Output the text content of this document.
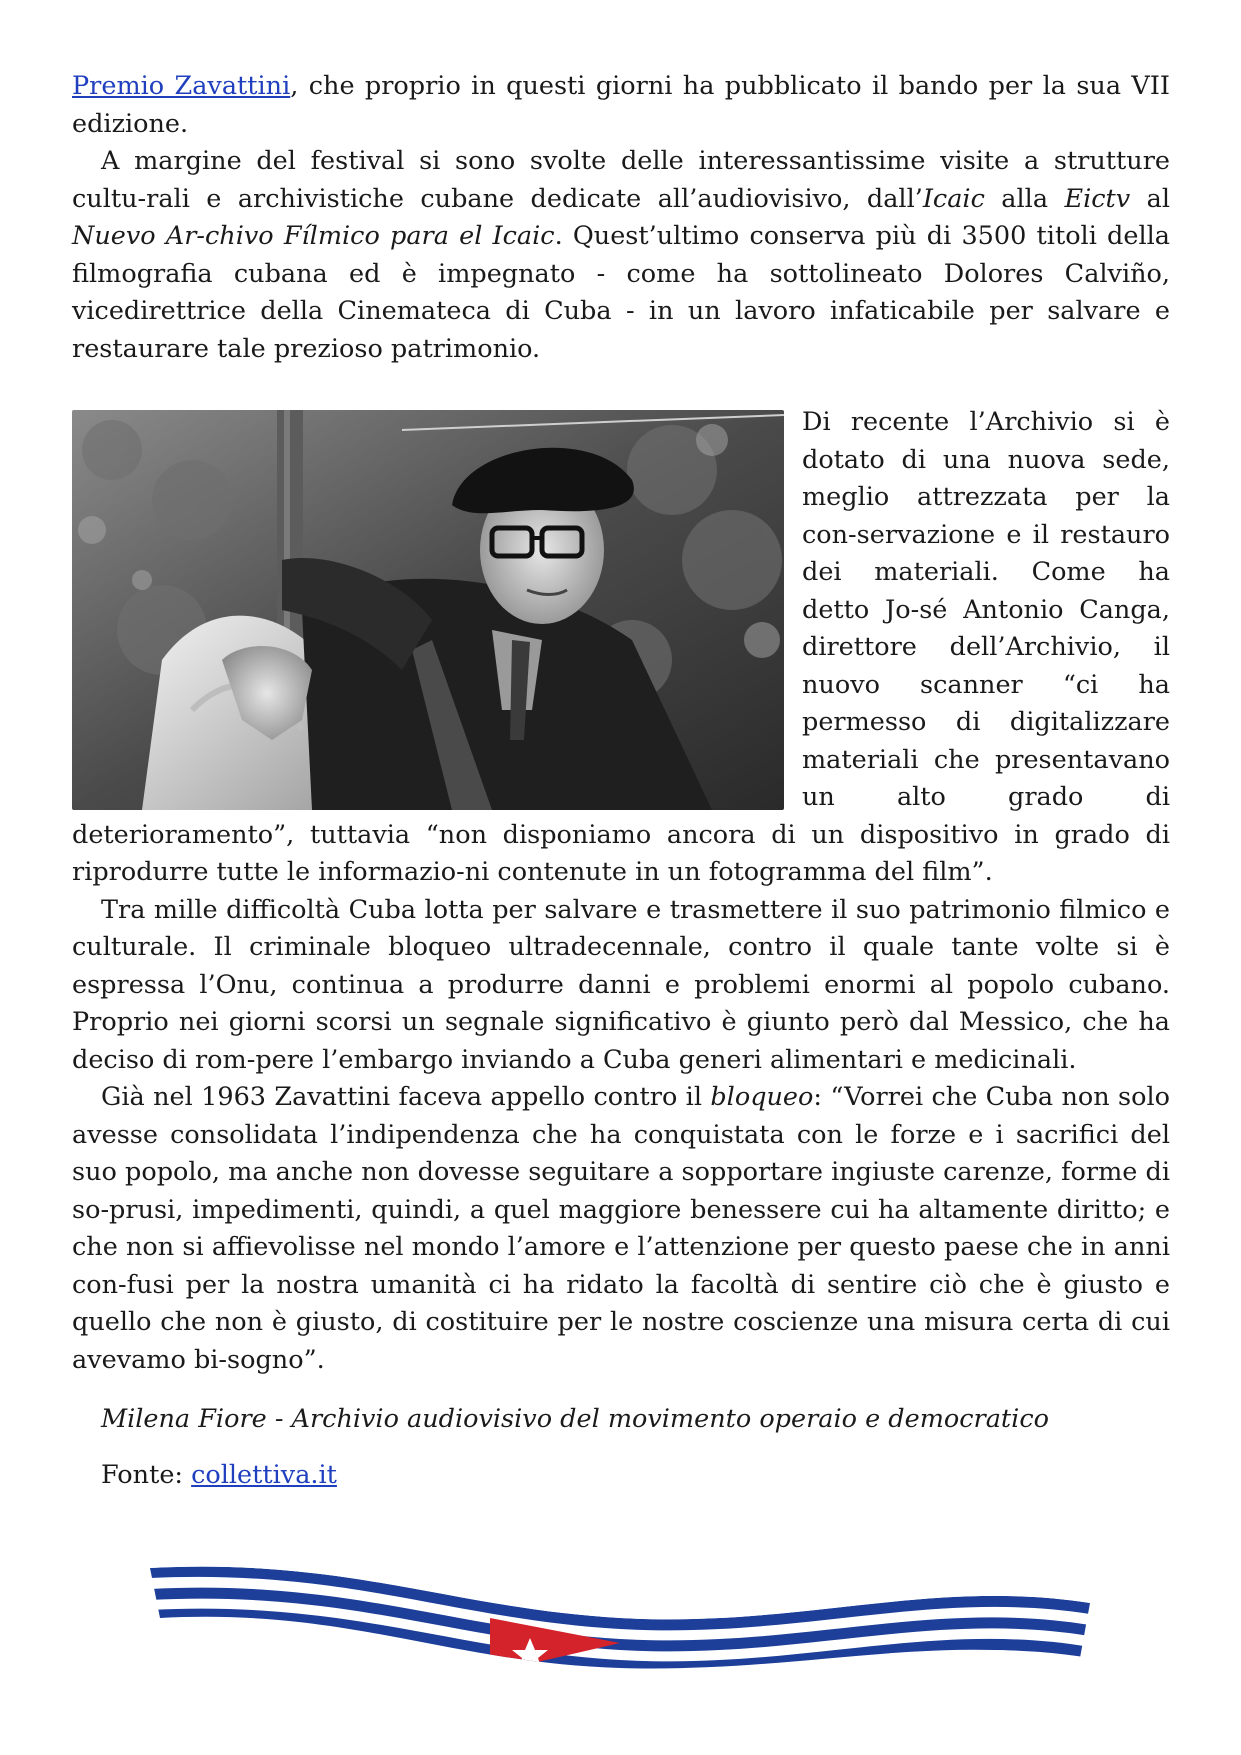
Premio Zavattini, che proprio in questi giorni ha pubblicato il bando per la sua VII edizione.

A margine del festival si sono svolte delle interessantissime visite a strutture cultu-rali e archivistiche cubane dedicate all’audiovisivo, dall’Icaic alla Eictv al Nuevo Ar-chivo Fílmico para el Icaic. Quest’ultimo conserva più di 3500 titoli della filmografia cubana ed è impegnato - come ha sottolineato Dolores Calviño, vicedirettrice della Cinemateca di Cuba - in un lavoro infaticabile per salvare e restaurare tale prezioso patrimonio.

Di recente l’Archivio si è dotato di una nuova sede, meglio attrezzata per la con-servazione e il restauro dei materiali. Come ha detto Jo-sé Antonio Canga, direttore dell’Archivio, il nuovo scanner “ci ha permesso di digitalizzare materiali che presentavano un alto grado di deterioramento”, tuttavia “non disponiamo ancora di un dispositivo in grado di riprodurre tutte le informazio-ni contenute in un fotogramma del film”.

Tra mille difficoltà Cuba lotta per salvare e trasmettere il suo patrimonio filmico e culturale. Il criminale bloqueo ultradecennale, contro il quale tante volte si è espressa l’Onu, continua a produrre danni e problemi enormi al popolo cubano. Proprio nei giorni scorsi un segnale significativo è giunto però dal Messico, che ha deciso di rom-pere l’embargo inviando a Cuba generi alimentari e medicinali.

Già nel 1963 Zavattini faceva appello contro il bloqueo: “Vorrei che Cuba non solo avesse consolidata l’indipendenza che ha conquistata con le forze e i sacrifici del suo popolo, ma anche non dovesse seguitare a sopportare ingiuste carenze, forme di so-prusi, impedimenti, quindi, a quel maggiore benessere cui ha altamente diritto; e che non si affievolisse nel mondo l’amore e l’attenzione per questo paese che in anni con-fusi per la nostra umanità ci ha ridato la facoltà di sentire ciò che è giusto e quello che non è giusto, di costituire per le nostre coscienze una misura certa di cui avevamo bi-sogno”.

Milena Fiore - Archivio audiovisivo del movimento operaio e democratico

Fonte: collettiva.it
